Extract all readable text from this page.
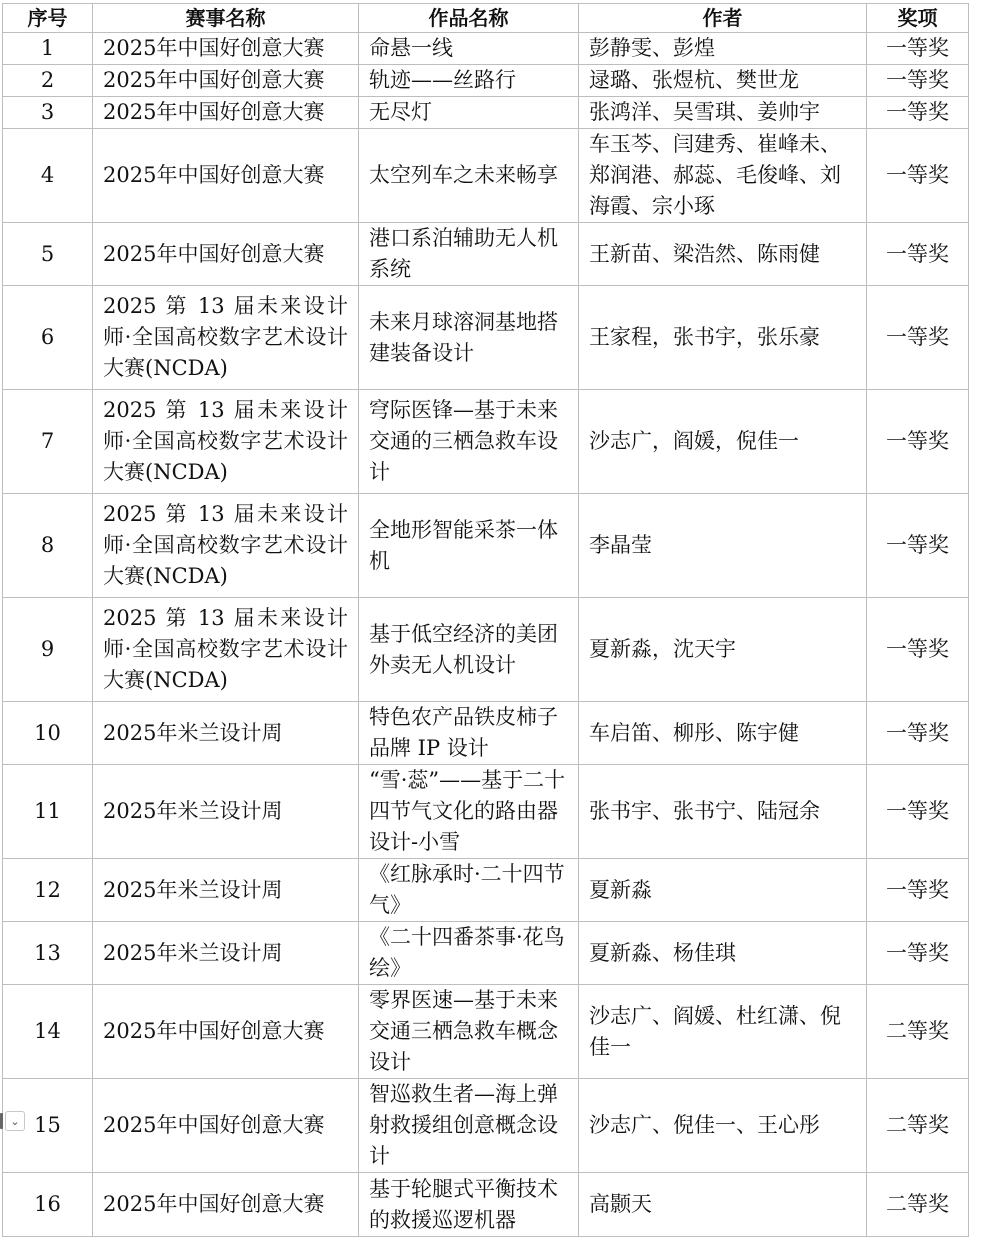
序号	赛事名称	作品名称	作者	奖项
1	2025年中国好创意大赛	命悬一线	彭静雯、彭煌	一等奖
2	2025年中国好创意大赛	轨迹——丝路行	逯璐、张煜杭、樊世龙	一等奖
3	2025年中国好创意大赛	无尽灯	张鸿洋、吴雪琪、姜帅宇	一等奖
4	2025年中国好创意大赛	太空列车之未来畅享	车玉芩、闫建秀、崔峰未、郑润港、郝蕊、毛俊峰、刘海霞、宗小琢	一等奖
5	2025年中国好创意大赛	港口系泊辅助无人机系统	王新苗、梁浩然、陈雨健	一等奖
6	2025 第 13 届未来设计师·全国高校数字艺术设计大赛(NCDA)	未来月球溶洞基地搭建装备设计	王家程，张书宇，张乐豪	一等奖
7	2025 第 13 届未来设计师·全国高校数字艺术设计大赛(NCDA)	穹际医锋—基于未来交通的三栖急救车设计	沙志广，阎媛，倪佳一	一等奖
8	2025 第 13 届未来设计师·全国高校数字艺术设计大赛(NCDA)	全地形智能采茶一体机	李晶莹	一等奖
9	2025 第 13 届未来设计师·全国高校数字艺术设计大赛(NCDA)	基于低空经济的美团外卖无人机设计	夏新淼，沈天宇	一等奖
10	2025年米兰设计周	特色农产品铁皮柿子品牌 IP 设计	车启笛、柳彤、陈宇健	一等奖
11	2025年米兰设计周	“雪·蕊”——基于二十四节气文化的路由器设计-小雪	张书宇、张书宁、陆冠余	一等奖
12	2025年米兰设计周	《红脉承时·二十四节气》	夏新淼	一等奖
13	2025年米兰设计周	《二十四番茶事·花鸟绘》	夏新淼、杨佳琪	一等奖
14	2025年中国好创意大赛	零界医速—基于未来交通三栖急救车概念设计	沙志广、阎媛、杜红潇、倪佳一	二等奖
15	2025年中国好创意大赛	智巡救生者—海上弹射救援组创意概念设计	沙志广、倪佳一、王心彤	二等奖
16	2025年中国好创意大赛	基于轮腿式平衡技术的救援巡逻机器	高颢天	二等奖
⌄
